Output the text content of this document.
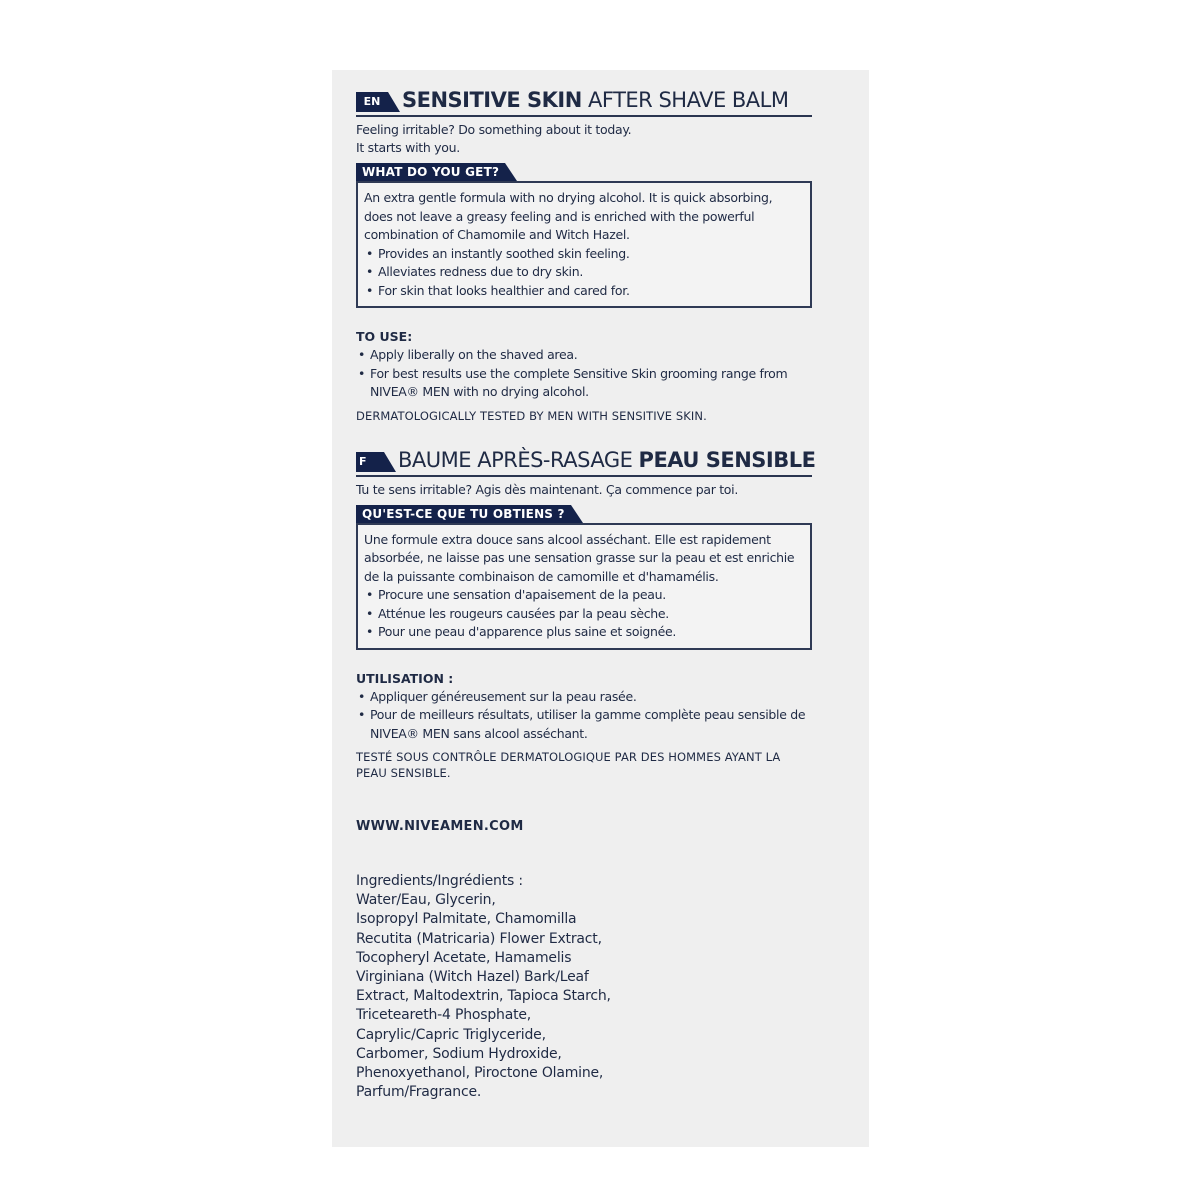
EN	SENSITIVE SKIN AFTER SHAVE BALM
Feeling irritable? Do something about it today.
It starts with you.
WHAT DO YOU GET?
An extra gentle formula with no drying alcohol. It is quick absorbing, does not leave a greasy feeling and is enriched with the powerful combination of Chamomile and Witch Hazel.
• Provides an instantly soothed skin feeling.
• Alleviates redness due to dry skin.
• For skin that looks healthier and cared for.
TO USE:
• Apply liberally on the shaved area.
• For best results use the complete Sensitive Skin grooming range from NIVEA® MEN with no drying alcohol.
DERMATOLOGICALLY TESTED BY MEN WITH SENSITIVE SKIN.
F	BAUME APRÈS-RASAGE PEAU SENSIBLE
Tu te sens irritable? Agis dès maintenant. Ça commence par toi.
QU'EST-CE QUE TU OBTIENS ?
Une formule extra douce sans alcool asséchant. Elle est rapidement absorbée, ne laisse pas une sensation grasse sur la peau et est enrichie de la puissante combinaison de camomille et d'hamamélis.
• Procure une sensation d'apaisement de la peau.
• Atténue les rougeurs causées par la peau sèche.
• Pour une peau d'apparence plus saine et soignée.
UTILISATION :
• Appliquer généreusement sur la peau rasée.
• Pour de meilleurs résultats, utiliser la gamme complète peau sensible de NIVEA® MEN sans alcool asséchant.
TESTÉ SOUS CONTRÔLE DERMATOLOGIQUE PAR DES HOMMES AYANT LA PEAU SENSIBLE.
WWW.NIVEAMEN.COM
Ingredients/Ingrédients :
Water/Eau, Glycerin,
Isopropyl Palmitate, Chamomilla
Recutita (Matricaria) Flower Extract,
Tocopheryl Acetate, Hamamelis
Virginiana (Witch Hazel) Bark/Leaf
Extract, Maltodextrin, Tapioca Starch,
Triceteareth-4 Phosphate,
Caprylic/Capric Triglyceride,
Carbomer, Sodium Hydroxide,
Phenoxyethanol, Piroctone Olamine,
Parfum/Fragrance.
